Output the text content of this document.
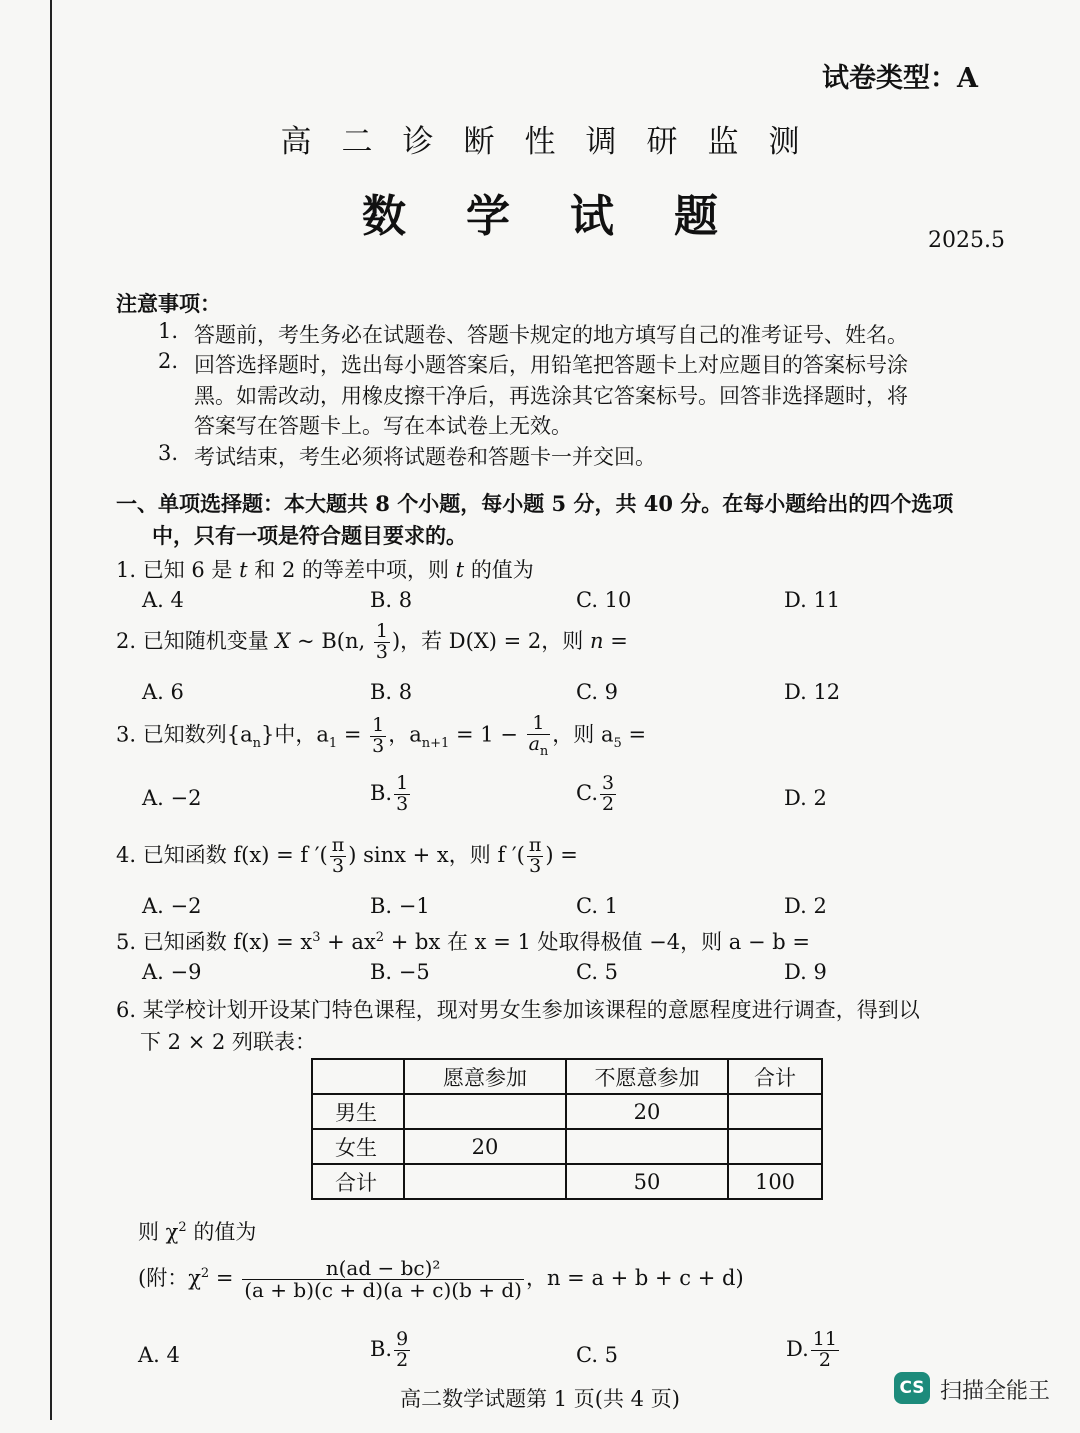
试卷类型：A
高二诊断性调研监测
数学试题	2025.5
注意事项：
1. 答题前，考生务必在试题卷、答题卡规定的地方填写自己的准考证号、姓名。
2. 回答选择题时，选出每小题答案后，用铅笔把答题卡上对应题目的答案标号涂
黑。如需改动，用橡皮擦干净后，再选涂其它答案标号。回答非选择题时，将
答案写在答题卡上。写在本试卷上无效。
3. 考试结束，考生必须将试题卷和答题卡一并交回。
一、单项选择题：本大题共 8 个小题，每小题 5 分，共 40 分。在每小题给出的四个选项
中，只有一项是符合题目要求的。
1. 已知 6 是 t 和 2 的等差中项，则 t 的值为
A. 4	B. 8	C. 10	D. 11
2. 已知随机变量 X ~ B(n, $\frac{1}{3}$ )，若 D(X) = 2，则 n =
A. 6	B. 8	C. 9	D. 12
3. 已知数列$\{a_n\}$中，$a_1 = \frac{1}{3}$ ，$a_{n+1} = 1 - \frac{1}{a_n}$ ，则 $a_5$ =
A. −2	B. $\frac{1}{3}$	C. $\frac{3}{2}$	D. 2
4. 已知函数 f(x) = f ′( $\frac{\pi}{3}$ ) sinx + x，则 f ′( $\frac{\pi}{3}$ ) =
A. −2	B. −1	C. 1	D. 2
5. 已知函数 $f(x) = x^3 + ax^2$ + bx 在 x = 1 处取得极值 −4，则 a − b =
A. −9	B. −5	C. 5	D. 9
6. 某学校计划开设某门特色课程，现对男女生参加该课程的意愿程度进行调查，得到以
下 2 × 2 列联表：
	愿意参加	不愿意参加	合计
男生		20	
女生	20		
合计		50	100
则 $\chi^2$ 的值为
(附：$\chi^2 = \frac{\text{n(ad − bc)²}}{(a + b)(c + d)(a + c)(b + d)}$ ，n = a + b + c + d)
A. 4	B. $\frac{9}{2}$	C. 5	D. $\frac{11}{2}$
高二数学试题第 1 页(共 4 页)	CS 扫描全能王
